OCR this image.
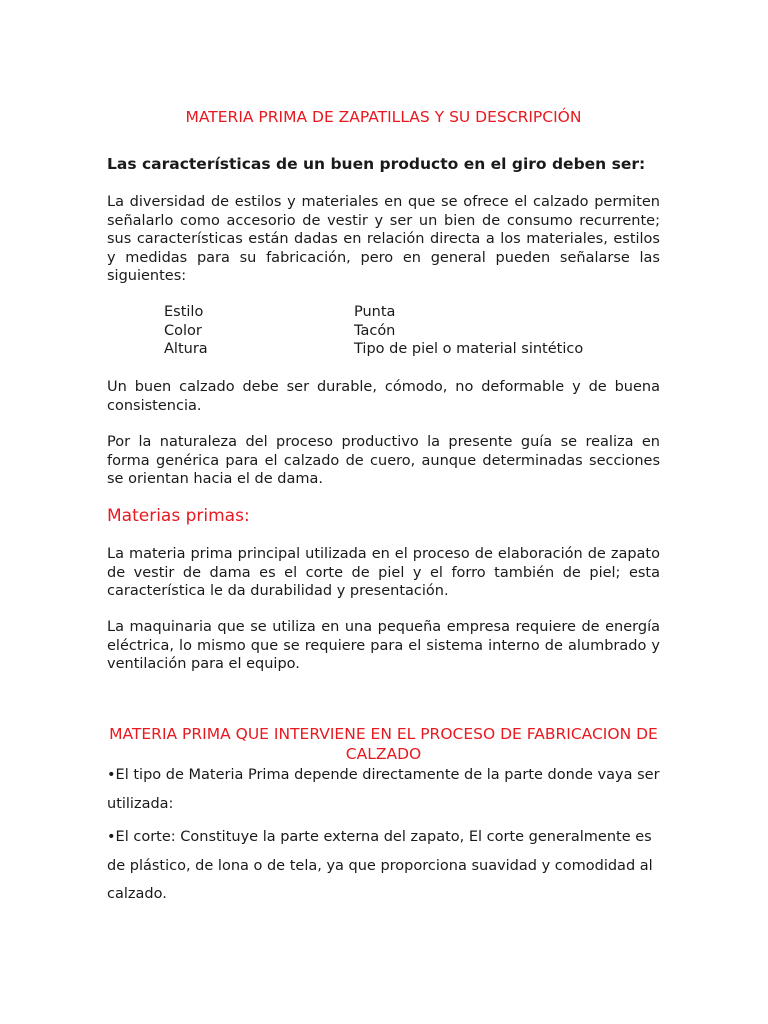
MATERIA PRIMA DE ZAPATILLAS Y SU DESCRIPCIÓN
Las características de un buen producto en el giro deben ser:

La diversidad de estilos y materiales en que se ofrece el calzado permiten señalarlo como accesorio de vestir y ser un bien de consumo recurrente; sus características están dadas en relación directa a los materiales, estilos y medidas para su fabricación, pero en general pueden señalarse las siguientes:

Estilo	Punta
Color	Tacón
Altura	Tipo de piel o material sintético

Un buen calzado debe ser durable, cómodo, no deformable y de buena consistencia.

Por la naturaleza del proceso productivo la presente guía se realiza en forma genérica para el calzado de cuero, aunque determinadas secciones se orientan hacia el de dama.

Materias primas:

La materia prima principal utilizada en el proceso de elaboración de zapato de vestir de dama es el corte de piel y el forro también de piel; esta característica le da durabilidad y presentación.

La maquinaria que se utiliza en una pequeña empresa requiere de energía eléctrica, lo mismo que se requiere para el sistema interno de alumbrado y ventilación para el equipo.

MATERIA PRIMA QUE INTERVIENE EN EL PROCESO DE FABRICACION DE CALZADO

•El tipo de Materia Prima depende directamente de la parte donde vaya ser utilizada:

•El corte: Constituye la parte externa del zapato, El corte generalmente es de plástico, de lona o de tela, ya que proporciona suavidad y comodidad al calzado.
